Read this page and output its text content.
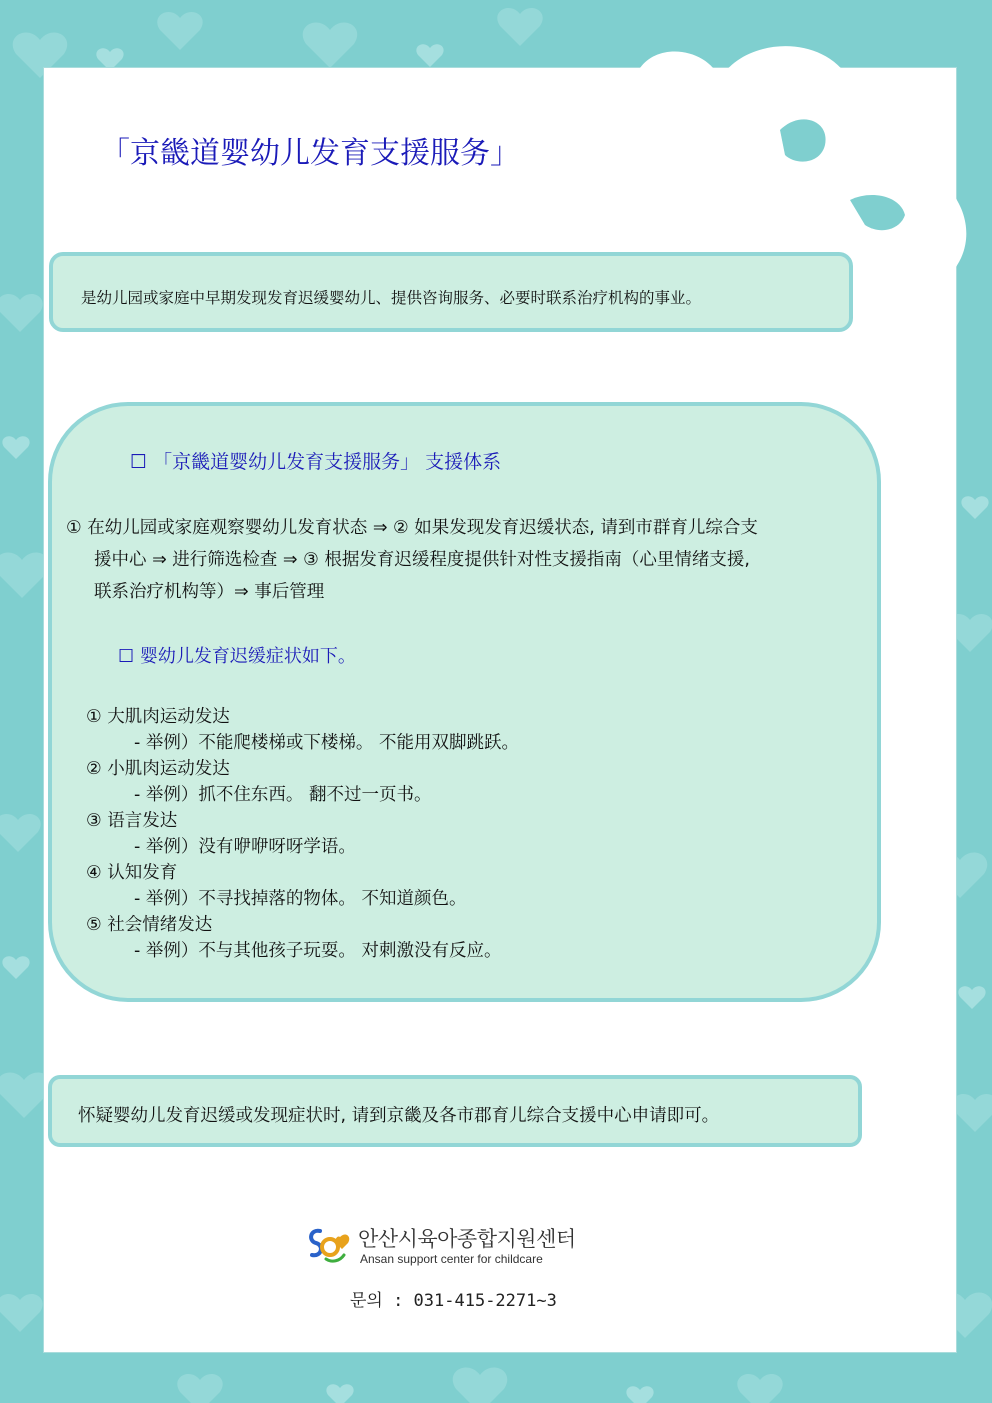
「京畿道婴幼儿发育支援服务」
是幼儿园或家庭中早期发现发育迟缓婴幼儿、提供咨询服务、必要时联系治疗机构的事业。
☐ 「京畿道婴幼儿发育支援服务」 支援体系
① 在幼儿园或家庭观察婴幼儿发育状态 ⇒ ② 如果发现发育迟缓状态, 请到市群育儿综合支
援中心 ⇒ 进行筛选检查 ⇒ ③ 根据发育迟缓程度提供针对性支援指南（心里情绪支援,
联系治疗机构等）⇒ 事后管理
☐ 婴幼儿发育迟缓症状如下。
① 大肌肉运动发达
- 举例）不能爬楼梯或下楼梯。 不能用双脚跳跃。
② 小肌肉运动发达
- 举例）抓不住东西。 翻不过一页书。
③ 语言发达
- 举例）没有咿咿呀呀学语。
④ 认知发育
- 举例）不寻找掉落的物体。 不知道颜色。
⑤ 社会情绪发达
- 举例）不与其他孩子玩耍。 对刺激没有反应。
怀疑婴幼儿发育迟缓或发现症状时, 请到京畿及各市郡育儿综合支援中心申请即可。
안산시육아종합지원센터
Ansan support center for childcare
문의 : 031-415-2271~3
